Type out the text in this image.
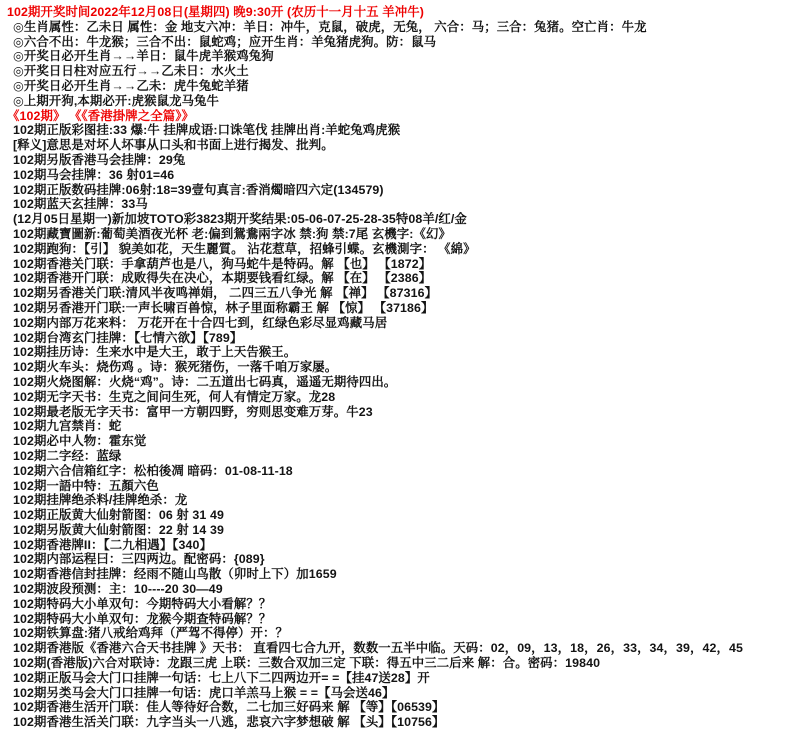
102期开奖时间2022年12月08日(星期四) 晚9:30开 (农历十一月十五 羊冲牛)
◎生肖属性：乙未日 属性：金 地支六冲：羊日：冲牛，克鼠，破虎，无兔， 六合：马；三合：兔猪。空亡肖：牛龙
◎六合不出：牛龙猴；三合不出：鼠蛇鸡；应开生肖：羊兔猪虎狗。防：鼠马
◎开奖日必开生肖→→羊日：鼠牛虎羊猴鸡兔狗
◎开奖日日柱对应五行→→乙未日：水火土
◎开奖日必开生肖→→乙未：虎牛兔蛇羊猪
◎上期开狗,本期必开:虎猴鼠龙马兔牛
《102期》 《《香港掛牌之全篇》》
102期正版彩图挂:33 爆:牛 挂牌成语:口诛笔伐 挂牌出肖:羊蛇兔鸡虎猴
[释义]意思是对坏人坏事从口头和书面上进行揭发、批判。
102期另版香港马会挂牌：29兔
102期马会挂牌：36 射01=46
102期正版数码挂牌:06射:18=39壹句真言:香消燭暗四六定(134579)
102期蓝天玄挂牌：33马
(12月05日星期一)新加坡TOTO彩3823期开奖结果:05-06-07-25-28-35特08羊/红/金
102期藏寶圖新:葡萄美酒夜光杯 老:偏到鴛鴦兩字冰 禁:狗 禁:7尾 玄機字:《幻》
102期跑狗：【引】 貌美如花，天生麗質。 沾花惹草，招蜂引蝶。玄機測字： 《綿》
102期香港关门联：手拿葫芦也是八，狗马蛇牛是特码。解 【也】 【1872】
102期香港开门联：成败得失在决心，本期要钱看红绿。解 【在】 【2386】
102期另香港关门联:清风半夜鸣禅娟， 二四三五八争光 解 【禅】 【87316】
102期另香港开门联:一声长啸百兽惊，林子里面称霸王 解 【惊】 【37186】
102期内部万花来料： 万花开在十合四七到，红绿色彩尽显鸡藏马居
102期台湾玄门挂牌：【七情六欲】【789】
102期挂历诗：生来水中是大王，敢于上天告猴王。
102期火车头：烧伤鸡 。诗：猴死猪伤，一落千咱万家屡。
102期火烧图解：火烧“鸡”。诗：二五道出七码真，遥遥无期待四出。
102期无字天书：生克之间问生死，何人有情定万家。龙28
102期最老版无字天书：富甲一方朝四野，穷则思变难万芽。牛23
102期九宫禁肖：蛇
102期必中人物：霍东觉
102期二字经：蓝绿
102期六合信箱红字：松柏後凋 暗码：01-08-11-18
102期一語中特：五顏六色
102期挂牌绝杀料/挂牌绝杀：龙
102期正版黄大仙射箭图：06 射 31 49
102期另版黄大仙射箭图：22 射 14 39
102期香港牌II：【二九相遇】【340】
102期内部运程曰：三四两边。配密码：{089}
102期香港信封挂牌：经雨不随山鸟散（卯时上下）加1659
102期波段预测：主：10----20 30—49
102期特码大小单双句：今期特码大小看解？？
102期特码大小单双句：龙猴今期查特码解？？
102期铁算盘:猪八戒给鸡拜（严驾不得停）开：？
102期香港版《香港六合天书挂牌 》天书： 直看四七合九开，数数一五半中临。天码：02，09，13，18，26，33，34，39，42，45
102期(香港版)六合对联诗：龙跟三虎 上联：三数合双加三定 下联：得五中三二后来 解：合。密码：19840
102期正版马会大门口挂牌一句话：七上八下二四两边开= =【挂47送28】开
102期另类马会大门口挂牌一句话：虎口羊羔马上猴 = =【马会送46】
102期香港生活开门联：佳人等待好合数，二七加三好码来 解 【等】【06539】
102期香港生活关门联：九字当头一八逃，悲哀六字梦想破 解 【头】【10756】
